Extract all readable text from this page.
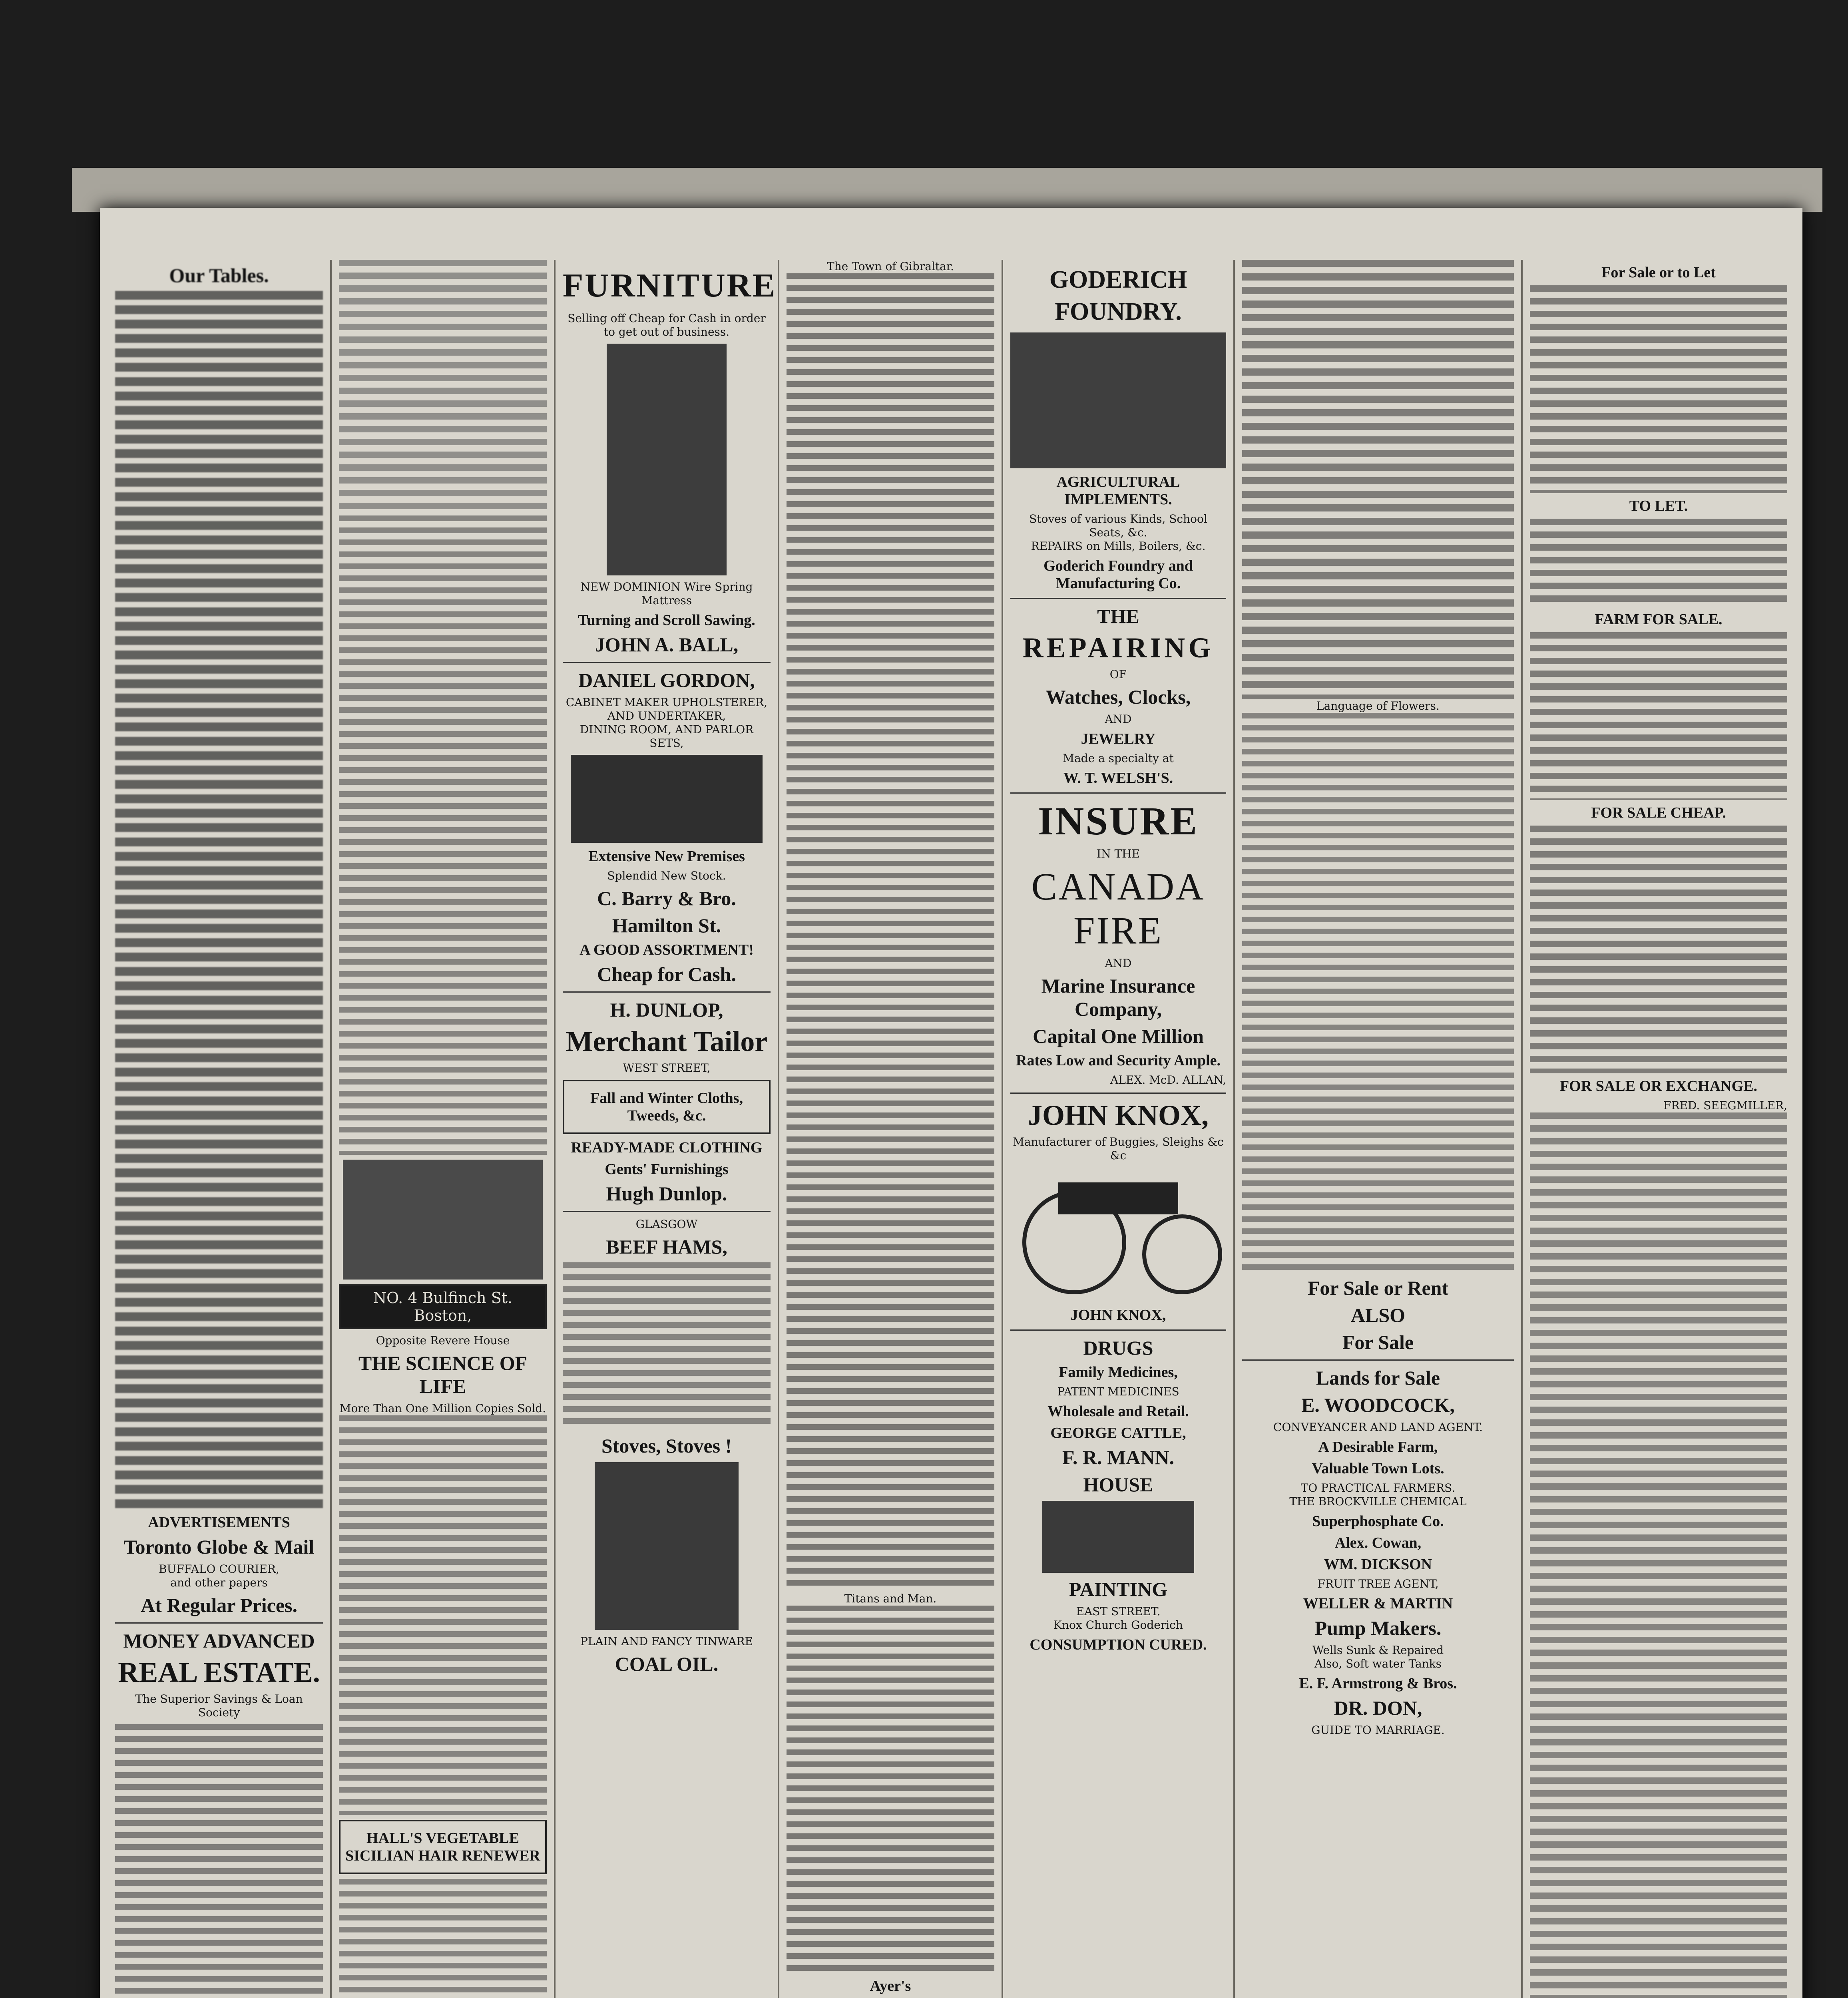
Our Tables.
ADVERTISEMENTS
Toronto Globe & Mail
BUFFALO COURIER,
and other papers
At Regular Prices.
MONEY ADVANCED
REAL ESTATE.
The Superior Savings & Loan Society
NO. 4 Bulfinch St. Boston,
Opposite Revere House
THE SCIENCE OF LIFE
More Than One Million Copies Sold.
HALL'S VEGETABLE SICILIAN HAIR RENEWER
FURNITURE
Selling off Cheap for Cash in order to get out of business.
NEW DOMINION Wire Spring Mattress
Turning and Scroll Sawing.
JOHN A. BALL,
DANIEL GORDON,
CABINET MAKER UPHOLSTERER, AND UNDERTAKER,
DINING ROOM, AND PARLOR SETS,
Extensive New Premises
Splendid New Stock.
C. Barry & Bro.
Hamilton St.
A GOOD ASSORTMENT!
Cheap for Cash.
H. DUNLOP,
Merchant Tailor
WEST STREET,
Fall and Winter Cloths, Tweeds, &c.
READY-MADE CLOTHING
Gents' Furnishings
Hugh Dunlop.
GLASGOW
BEEF HAMS,
Stoves, Stoves !
PLAIN AND FANCY TINWARE
COAL OIL.
The Town of Gibraltar.
Titans and Man.
Ayer's
GODERICH FOUNDRY.
AGRICULTURAL IMPLEMENTS.
Stoves of various Kinds, School Seats, &c.
REPAIRS on Mills, Boilers, &c.
Goderich Foundry and Manufacturing Co.
THE
REPAIRING
OF
Watches, Clocks,
AND
JEWELRY
Made a specialty at
W. T. WELSH'S.
INSURE
IN THE
CANADA FIRE
AND
Marine Insurance Company,
Capital One Million
Rates Low and Security Ample.
ALEX. McD. ALLAN,
JOHN KNOX,
Manufacturer of Buggies, Sleighs &c &c
JOHN KNOX,
DRUGS
Family Medicines,
PATENT MEDICINES
Wholesale and Retail.
GEORGE CATTLE,
F. R. MANN.
HOUSE
PAINTING
EAST STREET.
Knox Church Goderich
CONSUMPTION CURED.
Language of Flowers.
For Sale or Rent
ALSO
For Sale
Lands for Sale
E. WOODCOCK,
CONVEYANCER AND LAND AGENT.
A Desirable Farm,
Valuable Town Lots.
TO PRACTICAL FARMERS.
THE BROCKVILLE CHEMICAL
Superphosphate Co.
Alex. Cowan,
WM. DICKSON
FRUIT TREE AGENT,
WELLER & MARTIN
Pump Makers.
Wells Sunk & Repaired
Also, Soft water Tanks
E. F. Armstrong & Bros.
DR. DON,
GUIDE TO MARRIAGE.
For Sale or to Let
TO LET.
FARM FOR SALE.
FOR SALE CHEAP.
FOR SALE OR EXCHANGE.
FRED. SEEGMILLER,
